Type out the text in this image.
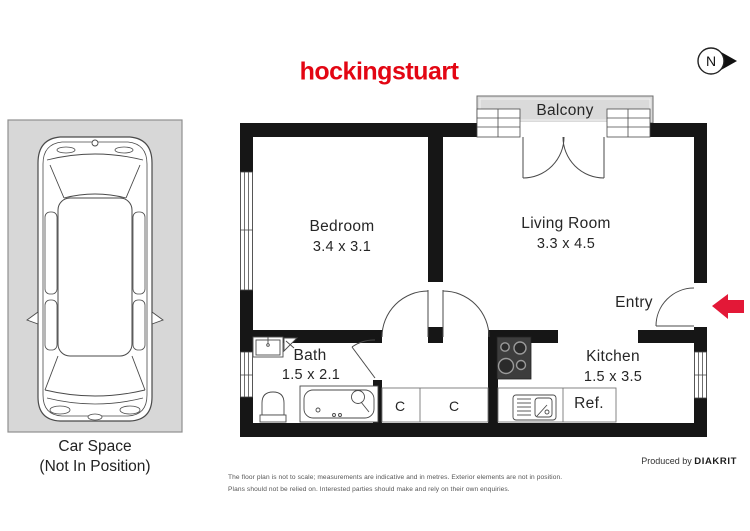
hockingstuart	N
Balcony
Bedroom
3.4 x 3.1
Living Room
3.3 x 4.5
Entry
Bath
1.5 x 2.1
Kitchen
1.5 x 3.5
C	C	Ref.
Car Space
(Not In Position)
The floor plan is not to scale; measurements are indicative and in metres. Exterior elements are not in position.
Plans should not be relied on. Interested parties should make and rely on their own enquiries.
Produced by DIAKRIT
